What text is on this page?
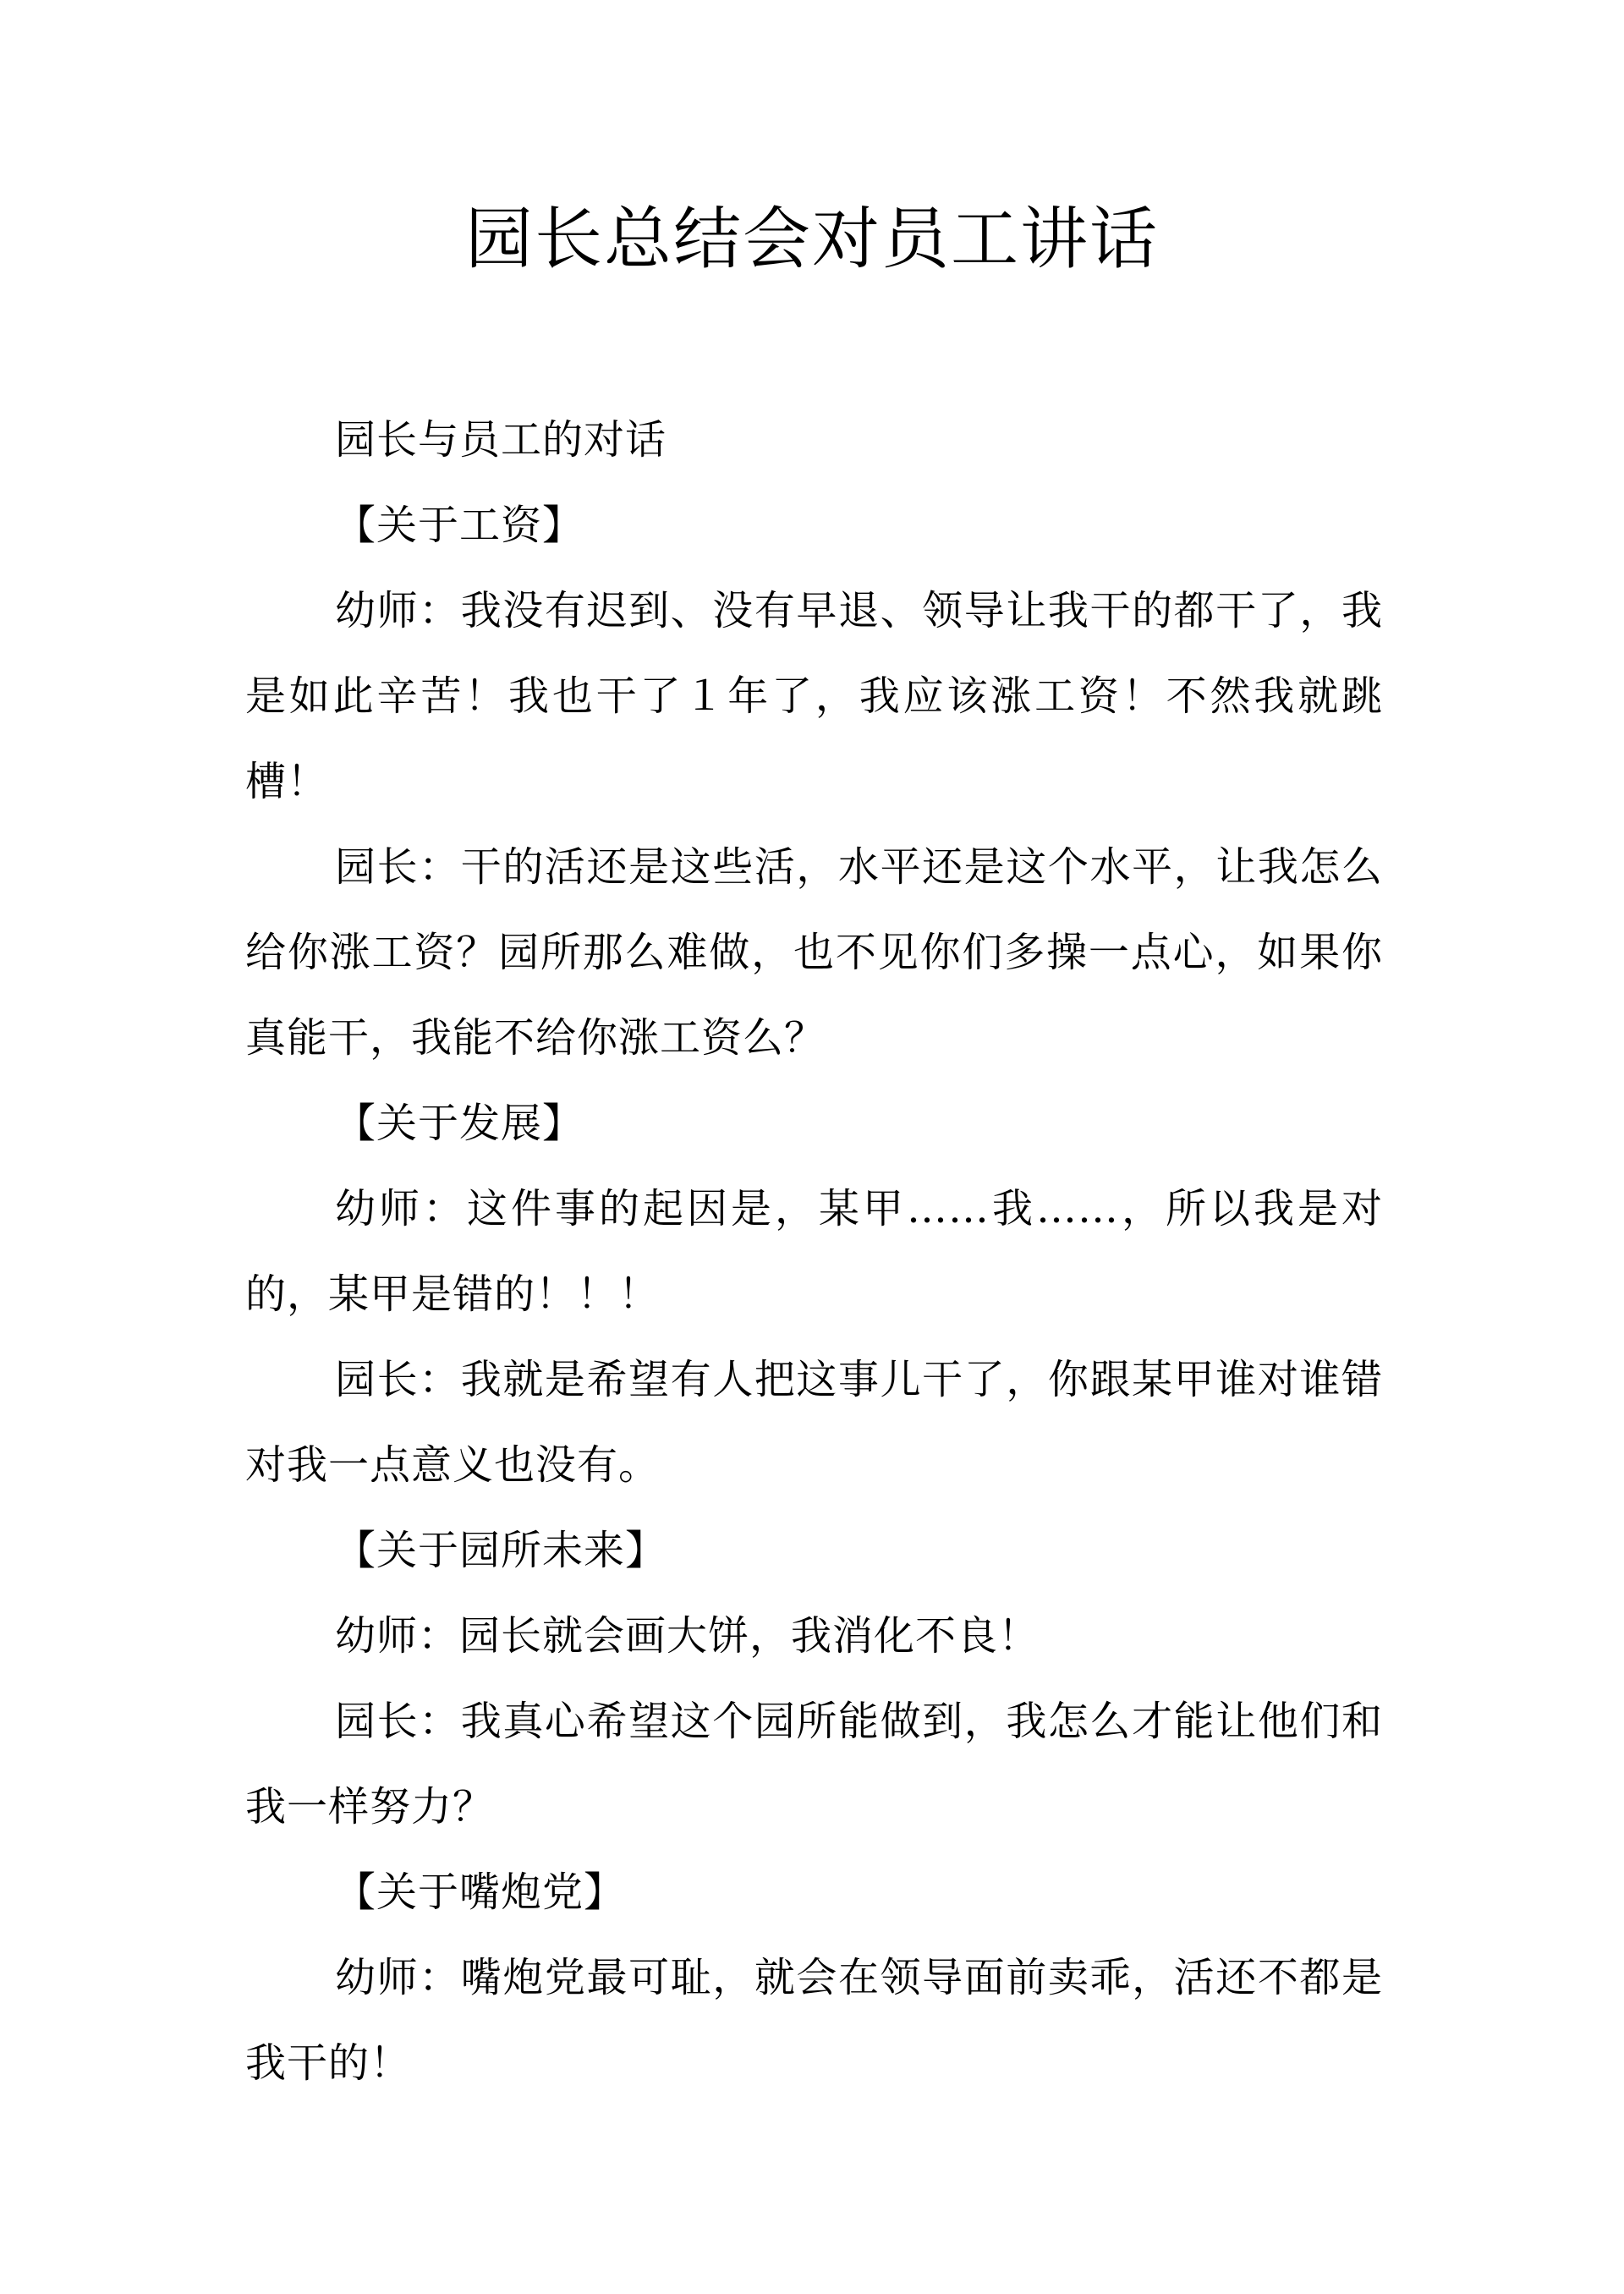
园长总结会对员工讲话

园长与员工的对话

【关于工资】

幼师：我没有迟到、没有早退、领导让我干的都干了，我是如此辛苦！我也干了１年了，我应该涨工资！不然我就跳槽！

园长：干的活还是这些活，水平还是这个水平，让我怎么给你涨工资？园所那么难做，也不见你们多操一点心，如果你真能干，我能不给你涨工资么？

【关于发展】

幼师：这件事的起因是，某甲……我……，所以我是对的，某甲是错的！！！

园长：我就是希望有人把这事儿干了，你跟某甲谁对谁错对我一点意义也没有。

【关于园所未来】

幼师：园长就会画大饼，我消化不良！

园长：我真心希望这个园所能做到，我怎么才能让他们和我一样努力？

【关于嘴炮党】

幼师：嘴炮党最可耻，就会在领导面前卖乖，活还不都是我干的！
